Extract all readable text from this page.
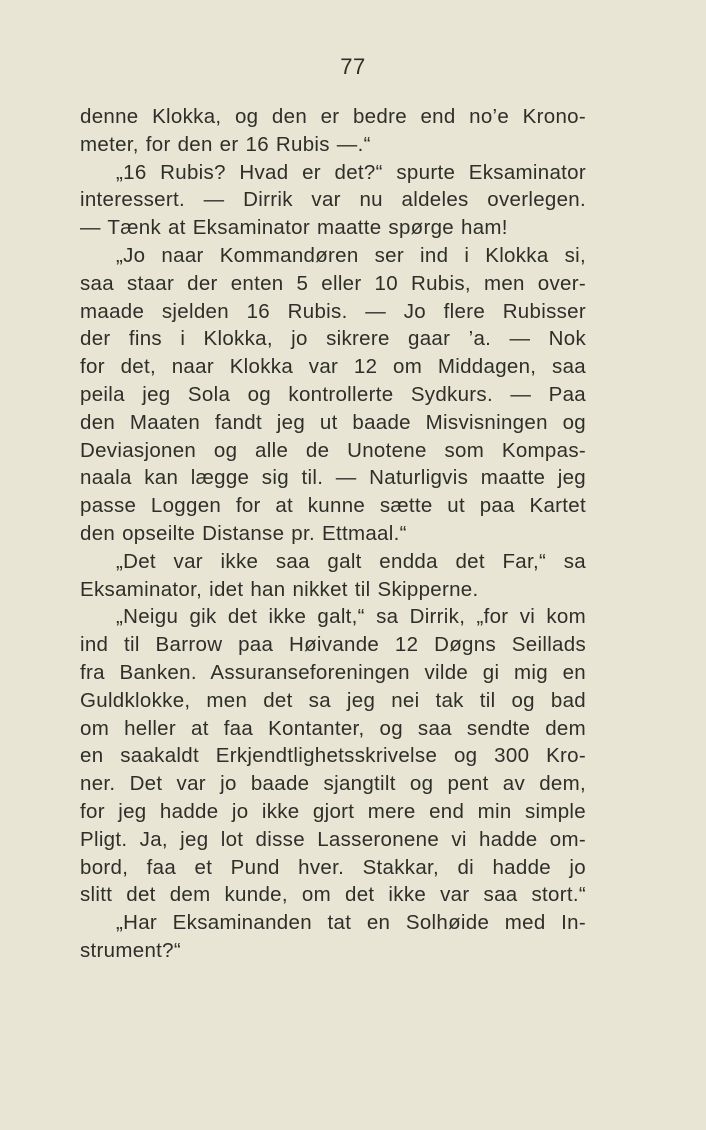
77
denne Klokka, og den er bedre end no’e Krono-
meter, for den er 16 Rubis —.“
„16 Rubis? Hvad er det?“ spurte Eksaminator
interessert. — Dirrik var nu aldeles overlegen.
— Tænk at Eksaminator maatte spørge ham!
„Jo naar Kommandøren ser ind i Klokka si,
saa staar der enten 5 eller 10 Rubis, men over-
maade sjelden 16 Rubis. — Jo flere Rubisser
der fins i Klokka, jo sikrere gaar ’a. — Nok
for det, naar Klokka var 12 om Middagen, saa
peila jeg Sola og kontrollerte Sydkurs. — Paa
den Maaten fandt jeg ut baade Misvisningen og
Deviasjonen og alle de Unotene som Kompas-
naala kan lægge sig til. — Naturligvis maatte jeg
passe Loggen for at kunne sætte ut paa Kartet
den opseilte Distanse pr. Ettmaal.“
„Det var ikke saa galt endda det Far,“ sa
Eksaminator, idet han nikket til Skipperne.
„Neigu gik det ikke galt,“ sa Dirrik, „for vi kom
ind til Barrow paa Høivande 12 Døgns Seillads
fra Banken. Assuranseforeningen vilde gi mig en
Guldklokke, men det sa jeg nei tak til og bad
om heller at faa Kontanter, og saa sendte dem
en saakaldt Erkjendtlighetsskrivelse og 300 Kro-
ner. Det var jo baade sjangtilt og pent av dem,
for jeg hadde jo ikke gjort mere end min simple
Pligt. Ja, jeg lot disse Lasseronene vi hadde om-
bord, faa et Pund hver. Stakkar, di hadde jo
slitt det dem kunde, om det ikke var saa stort.“
„Har Eksaminanden tat en Solhøide med In-
strument?“
